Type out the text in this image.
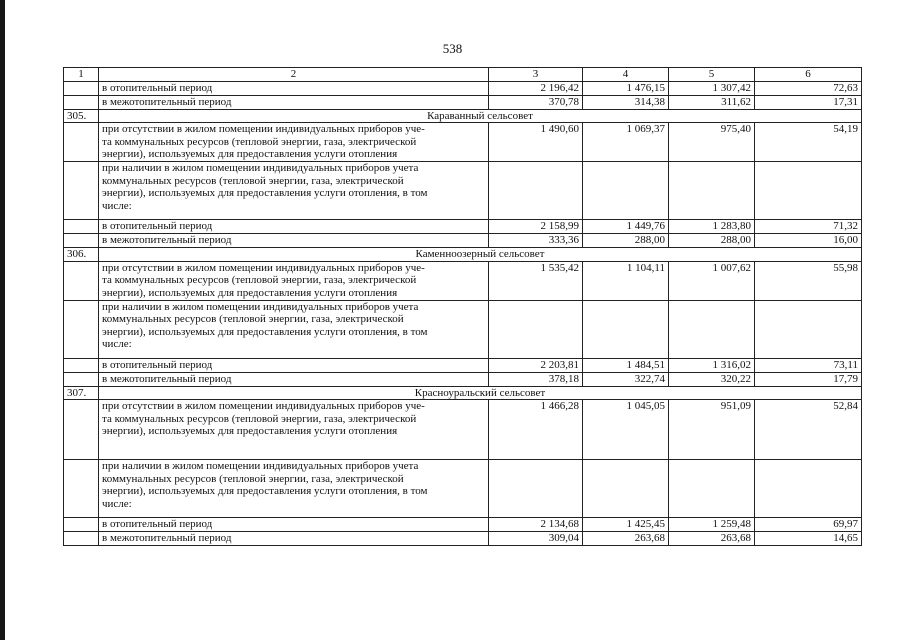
538
1	2	3	4	5	6
	в отопительный период	2 196,42	1 476,15	1 307,42	72,63
	в межотопительный период	370,78	314,38	311,62	17,31
305.	Караванный сельсовет				

	при отсутствии в жилом помещении индивидуальных приборов уче-
та коммунальных ресурсов (тепловой энергии, газа, электрической
энергии), используемых для предоставления услуги отопления	1 490,60	1 069,37	975,40	54,19

	при наличии в жилом помещении индивидуальных приборов учета
коммунальных ресурсов (тепловой энергии, газа, электрической
энергии), используемых для предоставления услуги отопления, в том
числе:				

	в отопительный период	2 158,99	1 449,76	1 283,80	71,32
	в межотопительный период	333,36	288,00	288,00	16,00
306.	Каменноозерный сельсовет				

	при отсутствии в жилом помещении индивидуальных приборов уче-
та коммунальных ресурсов (тепловой энергии, газа, электрической
энергии), используемых для предоставления услуги отопления	1 535,42	1 104,11	1 007,62	55,98

	при наличии в жилом помещении индивидуальных приборов учета
коммунальных ресурсов (тепловой энергии, газа, электрической
энергии), используемых для предоставления услуги отопления, в том
числе:				

	в отопительный период	2 203,81	1 484,51	1 316,02	73,11
	в межотопительный период	378,18	322,74	320,22	17,79
307.	Красноуральский сельсовет				

	при отсутствии в жилом помещении индивидуальных приборов уче-
та коммунальных ресурсов (тепловой энергии, газа, электрической
энергии), используемых для предоставления услуги отопления	1 466,28	1 045,05	951,09	52,84

	при наличии в жилом помещении индивидуальных приборов учета
коммунальных ресурсов (тепловой энергии, газа, электрической
энергии), используемых для предоставления услуги отопления, в том
числе:				

	в отопительный период	2 134,68	1 425,45	1 259,48	69,97
	в межотопительный период	309,04	263,68	263,68	14,65
